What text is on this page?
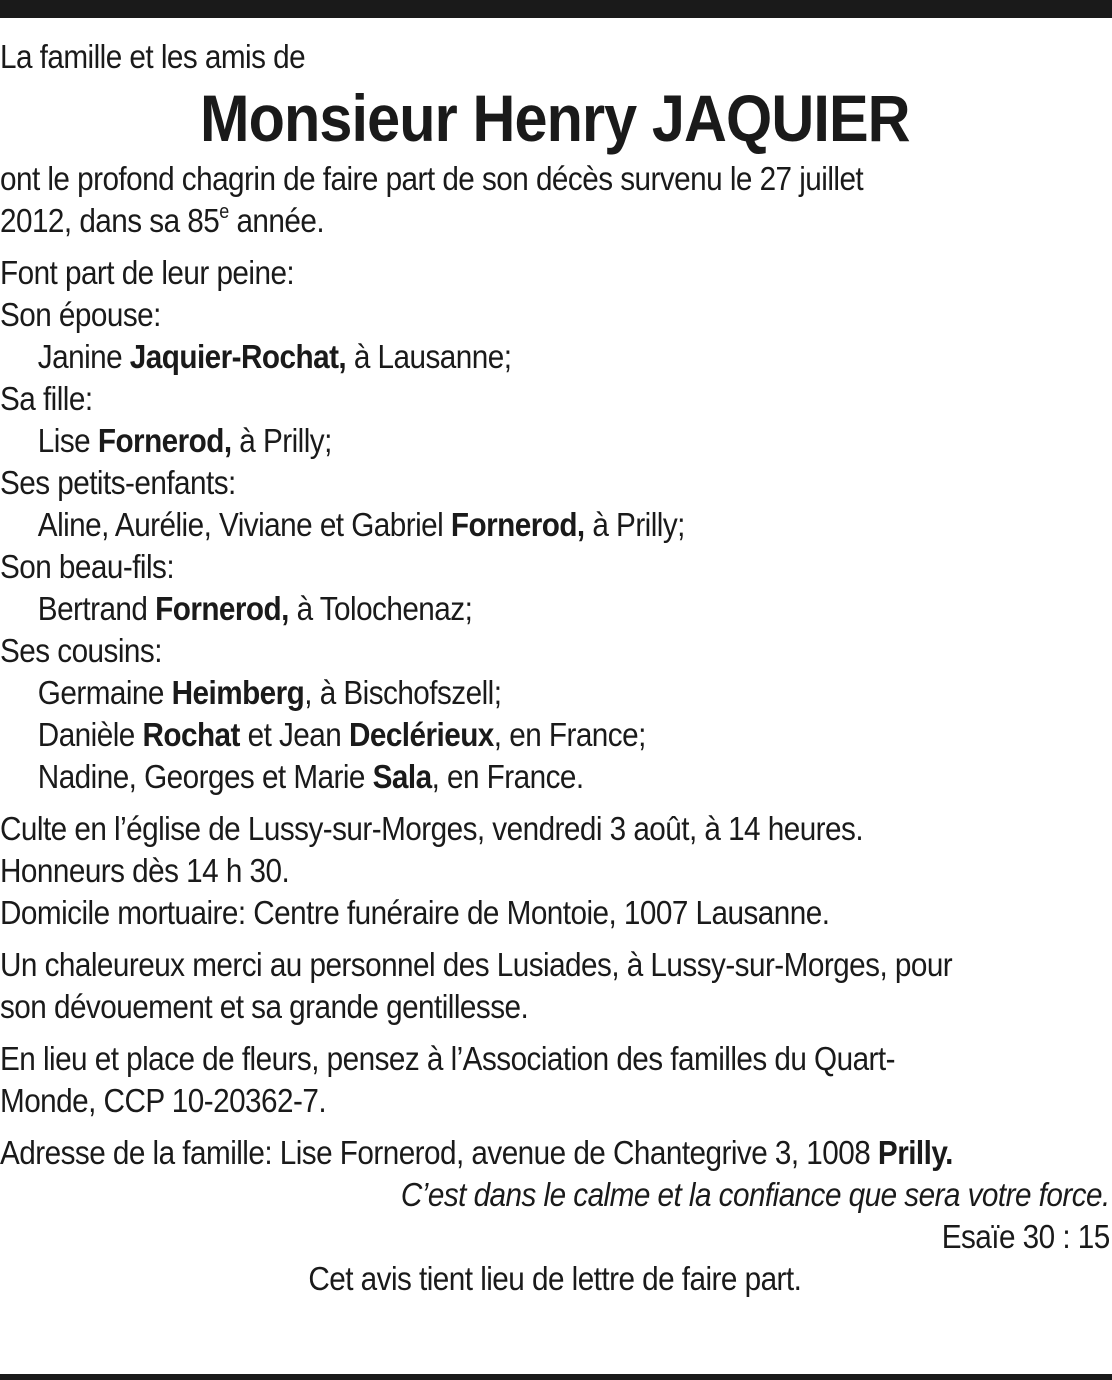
La famille et les amis de

Monsieur Henry JAQUIER

ont le profond chagrin de faire part de son décès survenu le 27 juillet

2012, dans sa 85e année.

Font part de leur peine:

Son épouse:

Janine Jaquier-Rochat, à Lausanne;

Sa fille:

Lise Fornerod, à Prilly;

Ses petits-enfants:

Aline, Aurélie, Viviane et Gabriel Fornerod, à Prilly;

Son beau-fils:

Bertrand Fornerod, à Tolochenaz;

Ses cousins:

Germaine Heimberg, à Bischofszell;

Danièle Rochat et Jean Declérieux, en France;

Nadine, Georges et Marie Sala, en France.

Culte en l’église de Lussy-sur-Morges, vendredi 3 août, à 14 heures.

Honneurs dès 14 h 30.

Domicile mortuaire: Centre funéraire de Montoie, 1007 Lausanne.

Un chaleureux merci au personnel des Lusiades, à Lussy-sur-Morges, pour

son dévouement et sa grande gentillesse.

En lieu et place de fleurs, pensez à l’Association des familles du Quart-

Monde, CCP 10-20362-7.

Adresse de la famille: Lise Fornerod, avenue de Chantegrive 3, 1008 Prilly.

C’est dans le calme et la confiance que sera votre force.

Esaïe 30 : 15

Cet avis tient lieu de lettre de faire part.
